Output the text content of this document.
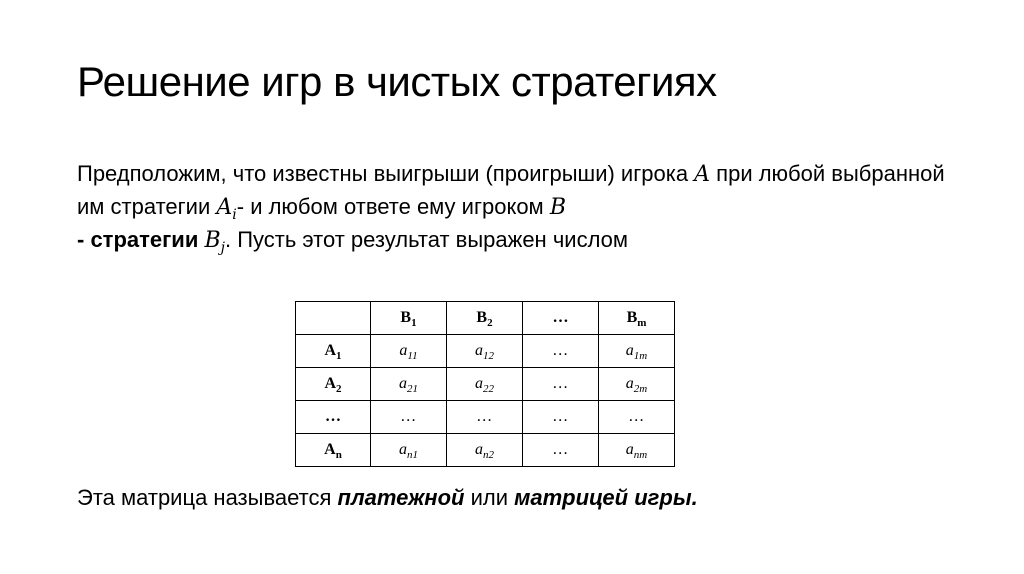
Решение игр в чистых стратегиях

Предположим, что известны выигрыши (проигрыши) игрока A при любой выбранной им стратегии $A_i-$ и любом ответе ему игроком B
- стратегии $B_j$. Пусть этот результат выражен числом

	$B_1$	$B_2$	…	$B_m$
$A_1$	$a_{11}$	$a_{12}$	…	$a_{1m}$
$A_2$	$a_{21}$	$a_{22}$	…	$a_{2m}$
…	…	…	…	…
$A_n$	$a_{n1}$	$a_{n2}$	…	$a_{nm}$

Эта матрица называется платежной или матрицей игры.
